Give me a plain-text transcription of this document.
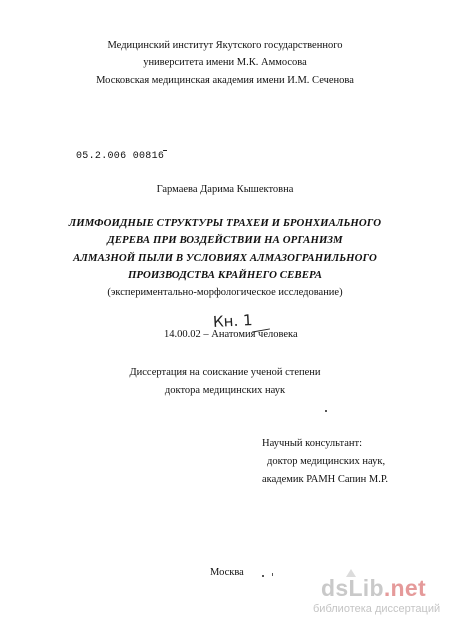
Медицинский институт Якутского государственного
университета имени М.К. Аммосова
Московская медицинская академия имени И.М. Сеченова
05.2.006 00816
Гармаева Дарима Кышектовна
ЛИМФОИДНЫЕ СТРУКТУРЫ ТРАХЕИ И БРОНХИАЛЬНОГО
ДЕРЕВА ПРИ ВОЗДЕЙСТВИИ НА ОРГАНИЗМ
АЛМАЗНОЙ ПЫЛИ В УСЛОВИЯХ АЛМАЗОГРАНИЛЬНОГО
ПРОИЗВОДСТВА КРАЙНЕГО СЕВЕРА
(экспериментально-морфологическое исследование)
Кн. 1
14.00.02 – Анатомия человека
Диссертация на соискание ученой степени
доктора медицинских наук
Научный консультант:
доктор медицинских наук,
академик РАМН Сапин М.Р.
Москва
dsLib.net
библиотека диссертаций
